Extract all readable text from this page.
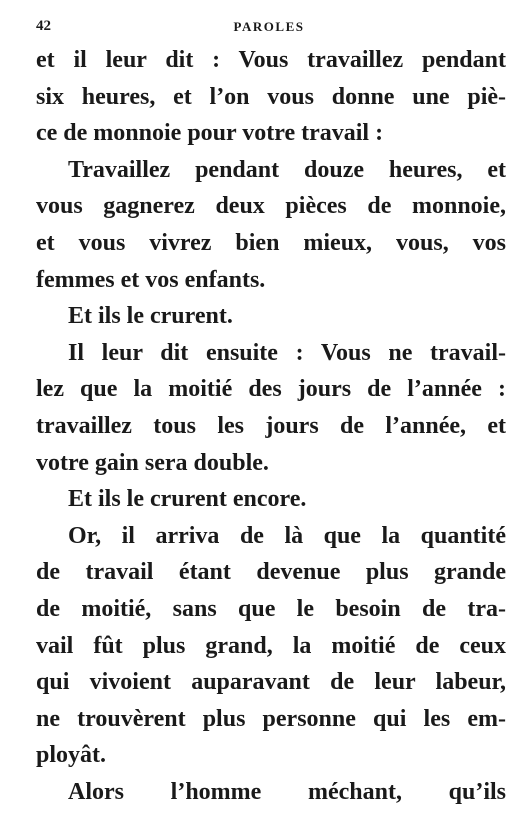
42	PAROLES
et il leur dit : Vous travaillez pendant
six heures, et l’on vous donne une piè-
ce de monnoie pour votre travail :
Travaillez pendant douze heures, et
vous gagnerez deux pièces de monnoie,
et vous vivrez bien mieux, vous, vos
femmes et vos enfants.
Et ils le crurent.
Il leur dit ensuite : Vous ne travail-
lez que la moitié des jours de l’année :
travaillez tous les jours de l’année, et
votre gain sera double.
Et ils le crurent encore.
Or, il arriva de là que la quantité
de travail étant devenue plus grande
de moitié, sans que le besoin de tra-
vail fût plus grand, la moitié de ceux
qui vivoient auparavant de leur labeur,
ne trouvèrent plus personne qui les em-
ployât.
Alors l’homme méchant, qu’ils
